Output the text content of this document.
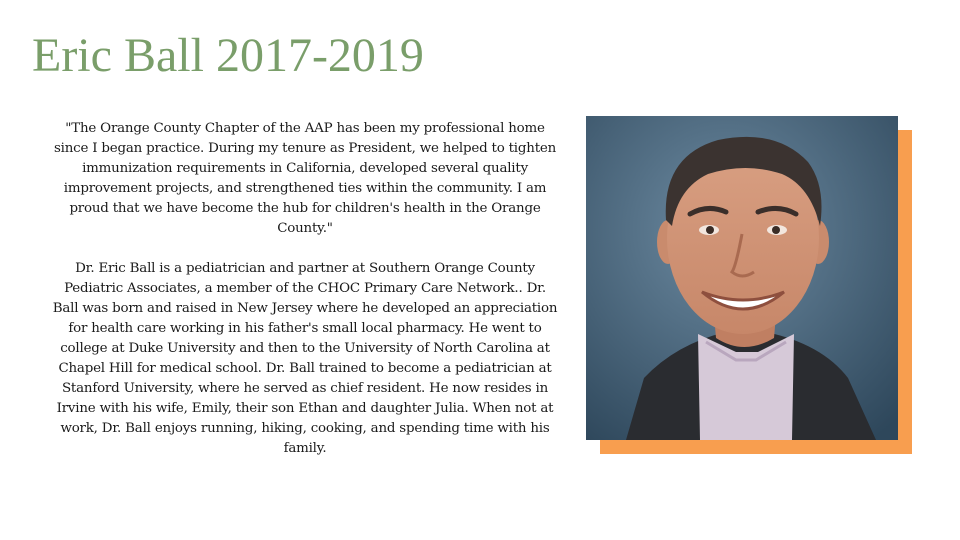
Eric Ball 2017-2019

"The Orange County Chapter of the AAP has been my professional home since I began practice. During my tenure as President, we helped to tighten immunization requirements in California, developed several quality improvement projects, and strengthened ties within the community. I am proud that we have become the hub for children's health in the Orange County."

Dr. Eric Ball is a pediatrician and partner at Southern Orange County Pediatric Associates, a member of the CHOC Primary Care Network.. Dr. Ball was born and raised in New Jersey where he developed an appreciation for health care working in his father's small local pharmacy. He went to college at Duke University and then to the University of North Carolina at Chapel Hill for medical school. Dr. Ball trained to become a pediatrician at Stanford University, where he served as chief resident. He now resides in Irvine with his wife, Emily, their son Ethan and daughter Julia. When not at work, Dr. Ball enjoys running, hiking, cooking, and spending time with his family.
